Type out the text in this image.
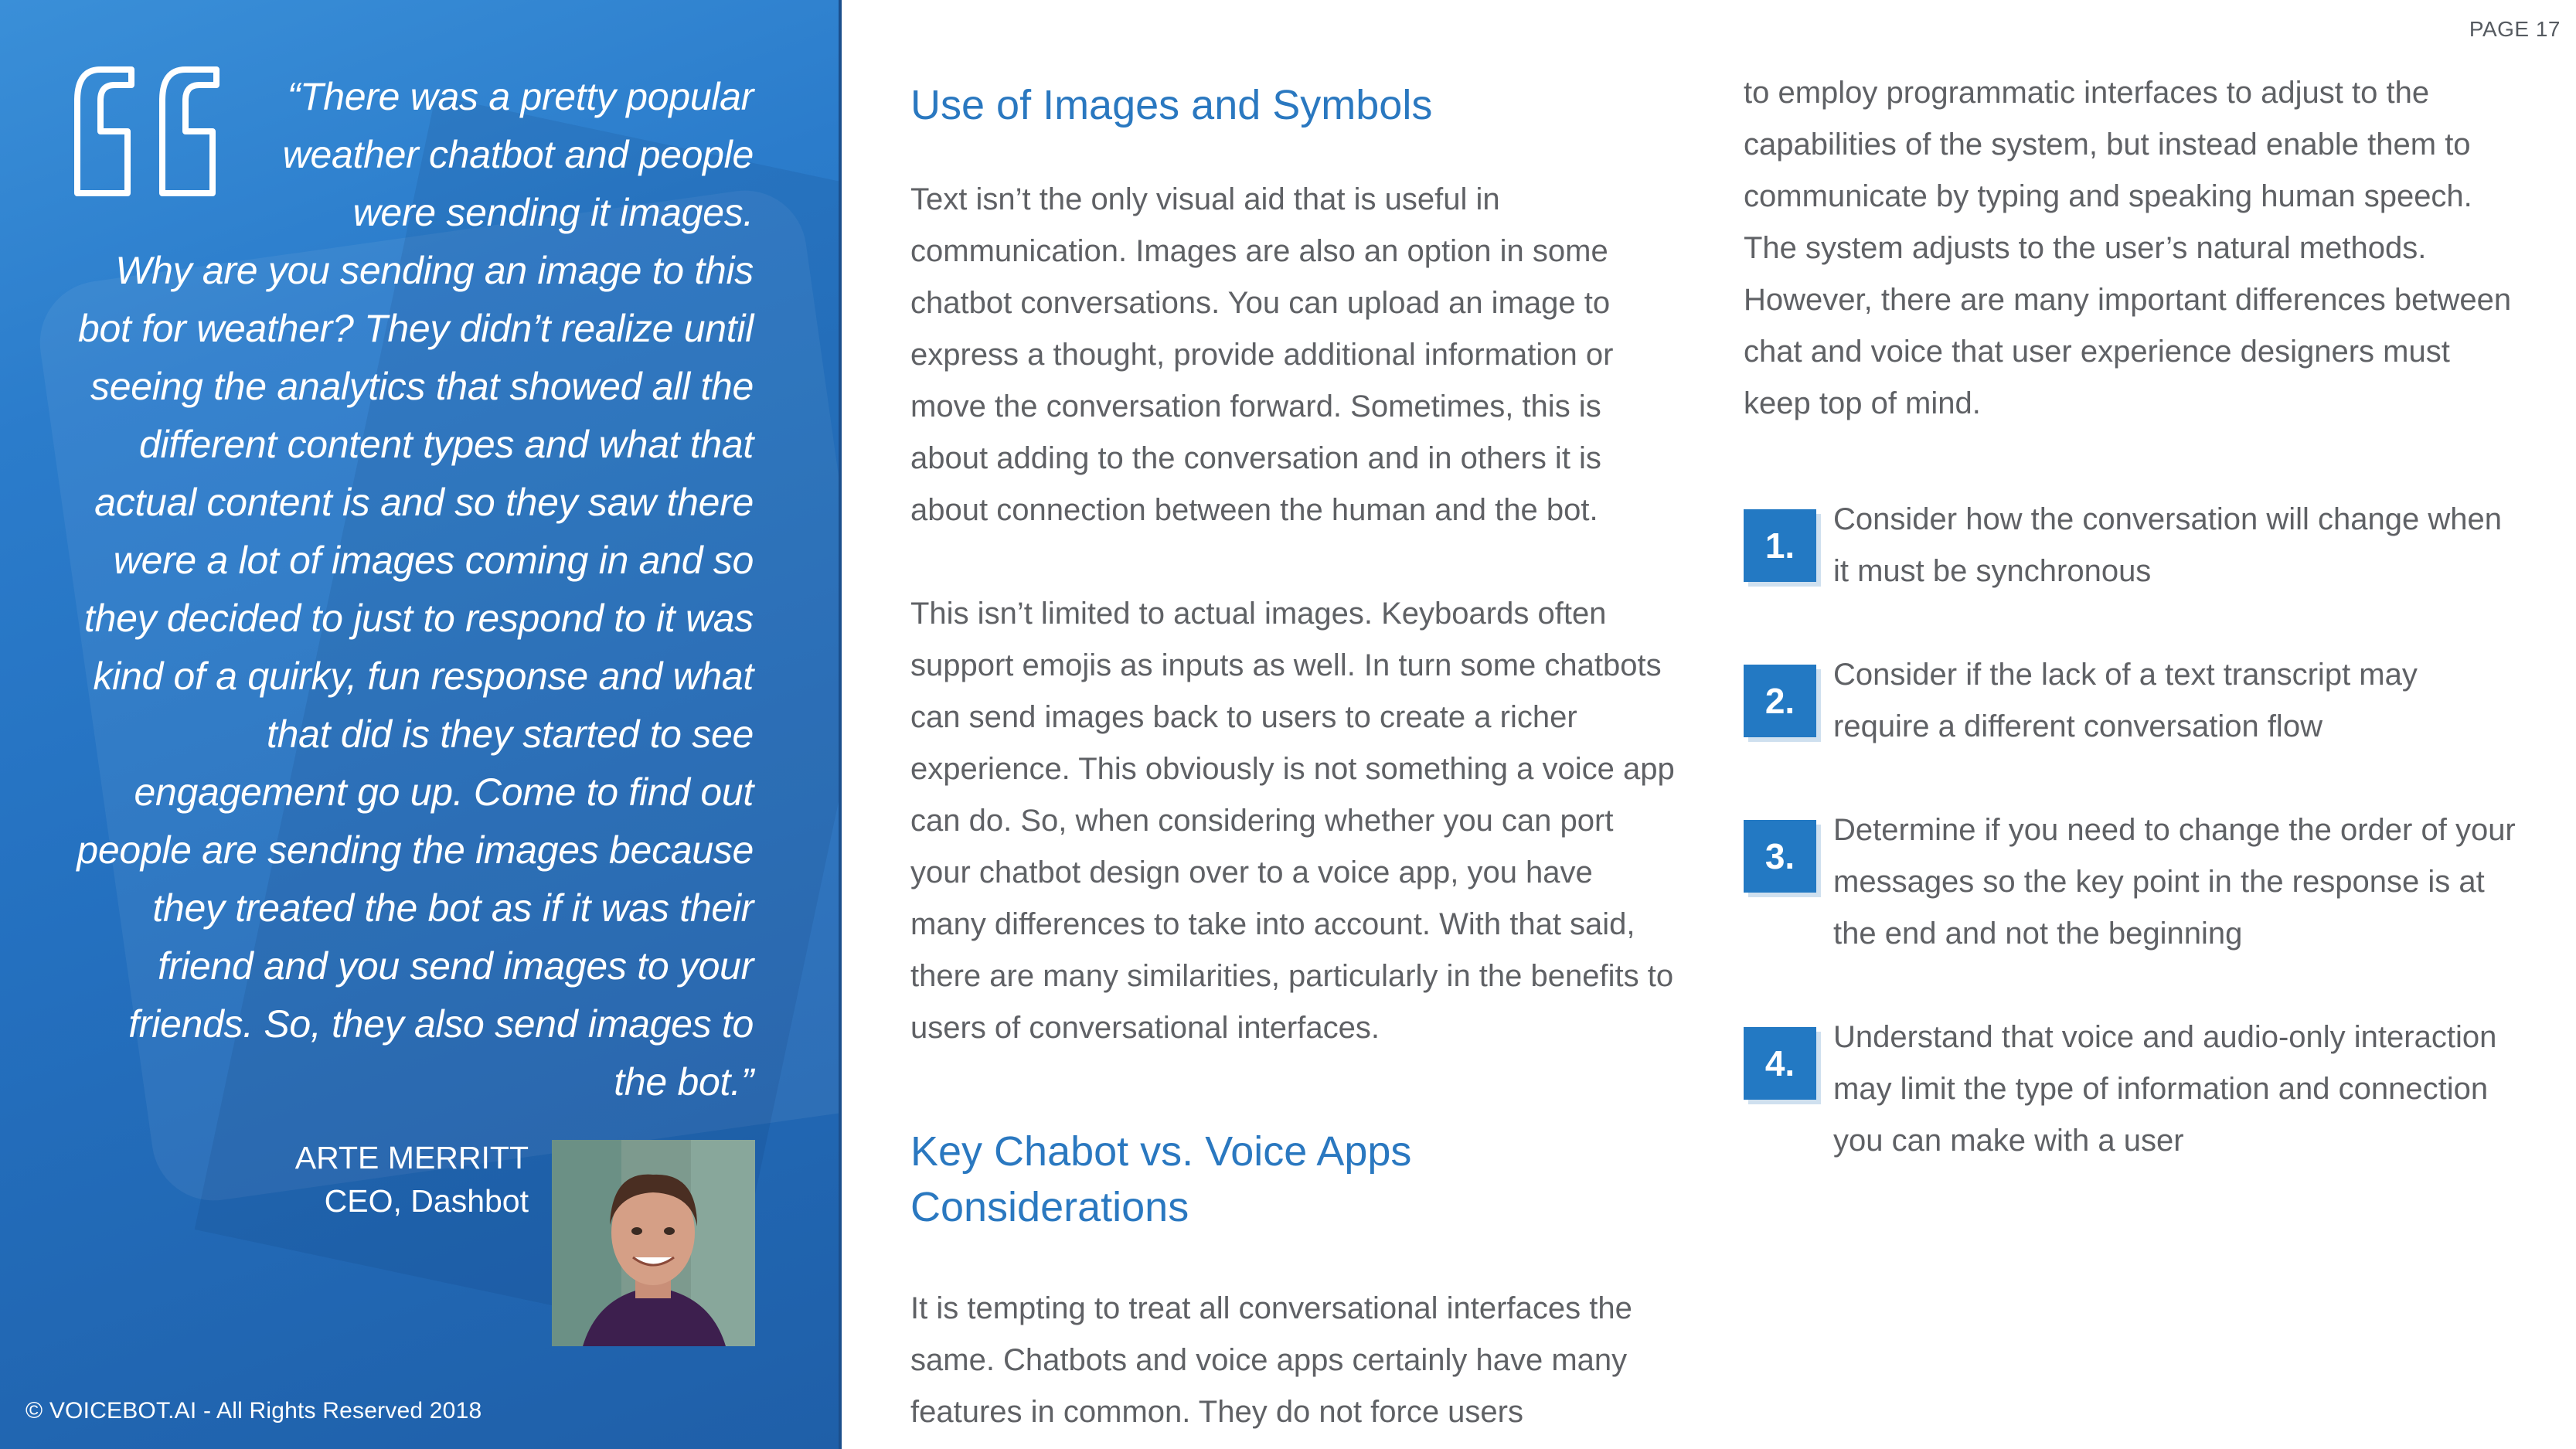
“There was a pretty popular weather chatbot and people were sending it images. Why are you sending an image to this bot for weather? They didn’t realize until seeing the analytics that showed all the different content types and what that actual content is and so they saw there were a lot of images coming in and so they decided to just to respond to it was kind of a quirky, fun response and what that did is they started to see engagement go up. Come to find out people are sending the images because they treated the bot as if it was their friend and you send images to your friends. So, they also send images to the bot.”
ARTE MERRITT
CEO, Dashbot
© VOICEBOT.AI - All Rights Reserved 2018
PAGE 17
Use of Images and Symbols

Text isn’t the only visual aid that is useful in communication. Images are also an option in some chatbot conversations. You can upload an image to express a thought, provide additional information or move the conversation forward. Sometimes, this is about adding to the conversation and in others it is about connection between the human and the bot.

This isn’t limited to actual images. Keyboards often support emojis as inputs as well. In turn some chatbots can send images back to users to create a richer experience. This obviously is not something a voice app can do. So, when considering whether you can port your chatbot design over to a voice app, you have many differences to take into account. With that said, there are many similarities, particularly in the benefits to users of conversational interfaces.

Key Chabot vs. Voice Apps Considerations

It is tempting to treat all conversational interfaces the same. Chatbots and voice apps certainly have many features in common. They do not force users

to employ programmatic interfaces to adjust to the capabilities of the system, but instead enable them to communicate by typing and speaking human speech. The system adjusts to the user’s natural methods. However, there are many important differences between chat and voice that user experience designers must keep top of mind.

1.
Consider how the conversation will change when it must be synchronous
2.
Consider if the lack of a text transcript may require a different conversation flow
3.
Determine if you need to change the order of your messages so the key point in the response is at the end and not the beginning
4.
Understand that voice and audio-only interaction may limit the type of information and connection you can make with a user
